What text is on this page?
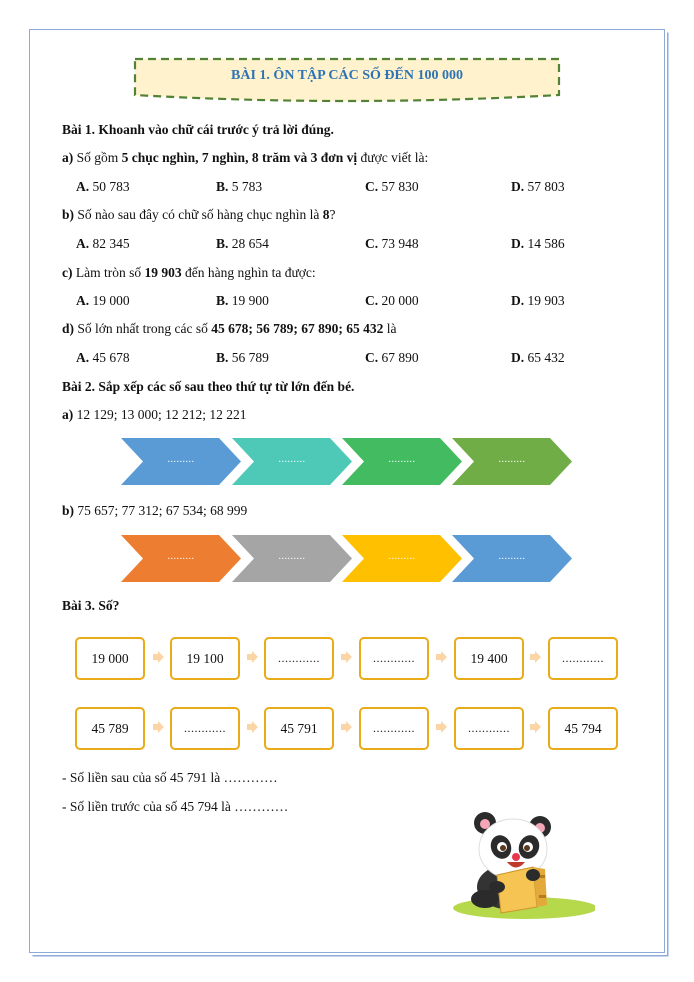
BÀI 1. ÔN TẬP CÁC SỐ ĐẾN 100 000
Bài 1. Khoanh vào chữ cái trước ý trả lời đúng.
a) Số gồm 5 chục nghìn, 7 nghìn, 8 trăm và 3 đơn vị được viết là:
A. 50 783	B. 5 783	C. 57 830	D. 57 803
b) Số nào sau đây có chữ số hàng chục nghìn là 8?
A. 82 345	B. 28 654	C. 73 948	D. 14 586
c) Làm tròn số 19 903 đến hàng nghìn ta được:
A. 19 000	B. 19 900	C. 20 000	D. 19 903
d) Số lớn nhất trong các số 45 678; 56 789; 67 890; 65 432 là
A. 45 678	B. 56 789	C. 67 890	D. 65 432
Bài 2. Sắp xếp các số sau theo thứ tự từ lớn đến bé.
a) 12 129; 13 000; 12 212; 12 221
.........	.........	.........	.........
b) 75 657; 77 312; 67 534; 68 999
.........	.........	.........	.........
Bài 3. Số?
19 000	19 100	............	............	19 400	............
45 789	............	45 791	............	............	45 794
- Số liền sau của số 45 791 là …………
- Số liền trước của số 45 794 là …………
